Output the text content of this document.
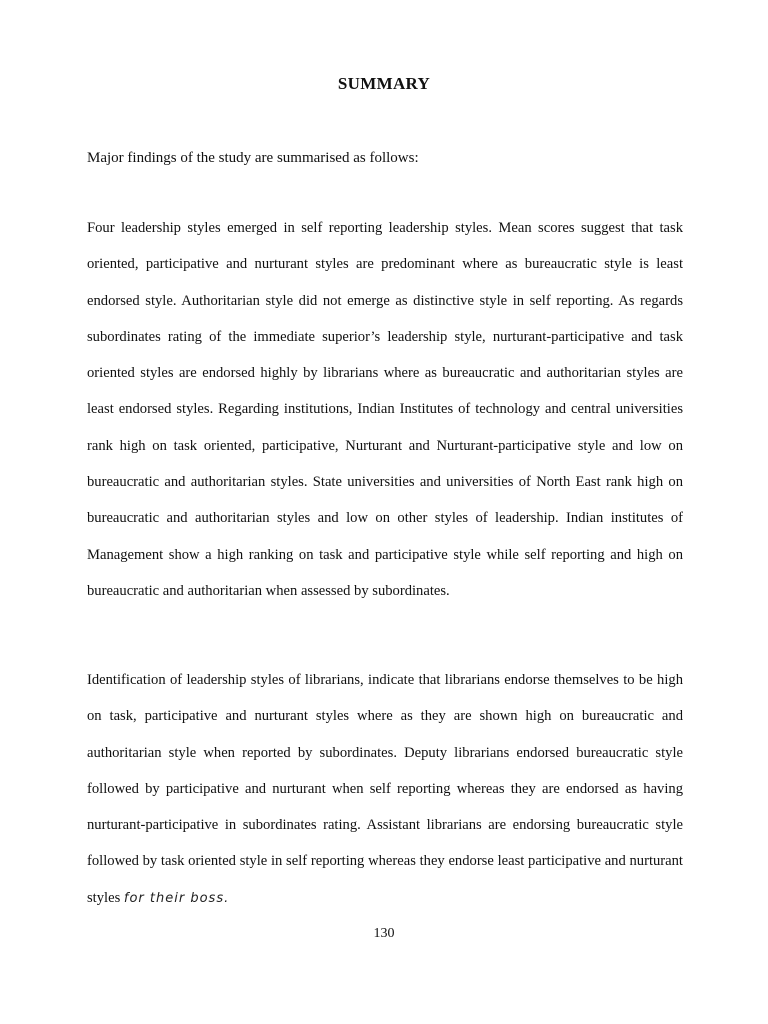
SUMMARY
Major findings of the study are summarised as follows:
Four leadership styles emerged in self reporting leadership styles. Mean scores suggest that task oriented, participative and nurturant styles are predominant where as bureaucratic style is least endorsed style. Authoritarian style did not emerge as distinctive style in self reporting. As regards subordinates rating of the immediate superior’s leadership style, nurturant-participative and task oriented styles are endorsed highly by librarians where as bureaucratic and authoritarian styles are least endorsed styles. Regarding institutions, Indian Institutes of technology and central universities rank high on task oriented, participative, Nurturant and Nurturant-participative style and low on bureaucratic and authoritarian styles. State universities and universities of North East rank high on bureaucratic and authoritarian styles and low on other styles of leadership. Indian institutes of Management show a high ranking on task and participative style while self reporting and high on bureaucratic and authoritarian when assessed by subordinates.
Identification of leadership styles of librarians, indicate that librarians endorse themselves to be high on task, participative and nurturant styles where as they are shown high on bureaucratic and authoritarian style when reported by subordinates. Deputy librarians endorsed bureaucratic style followed by participative and nurturant when self reporting whereas they are endorsed as having nurturant-participative in subordinates rating. Assistant librarians are endorsing bureaucratic style followed by task oriented style in self reporting whereas they endorse least participative and nurturant styles for their boss.
130
